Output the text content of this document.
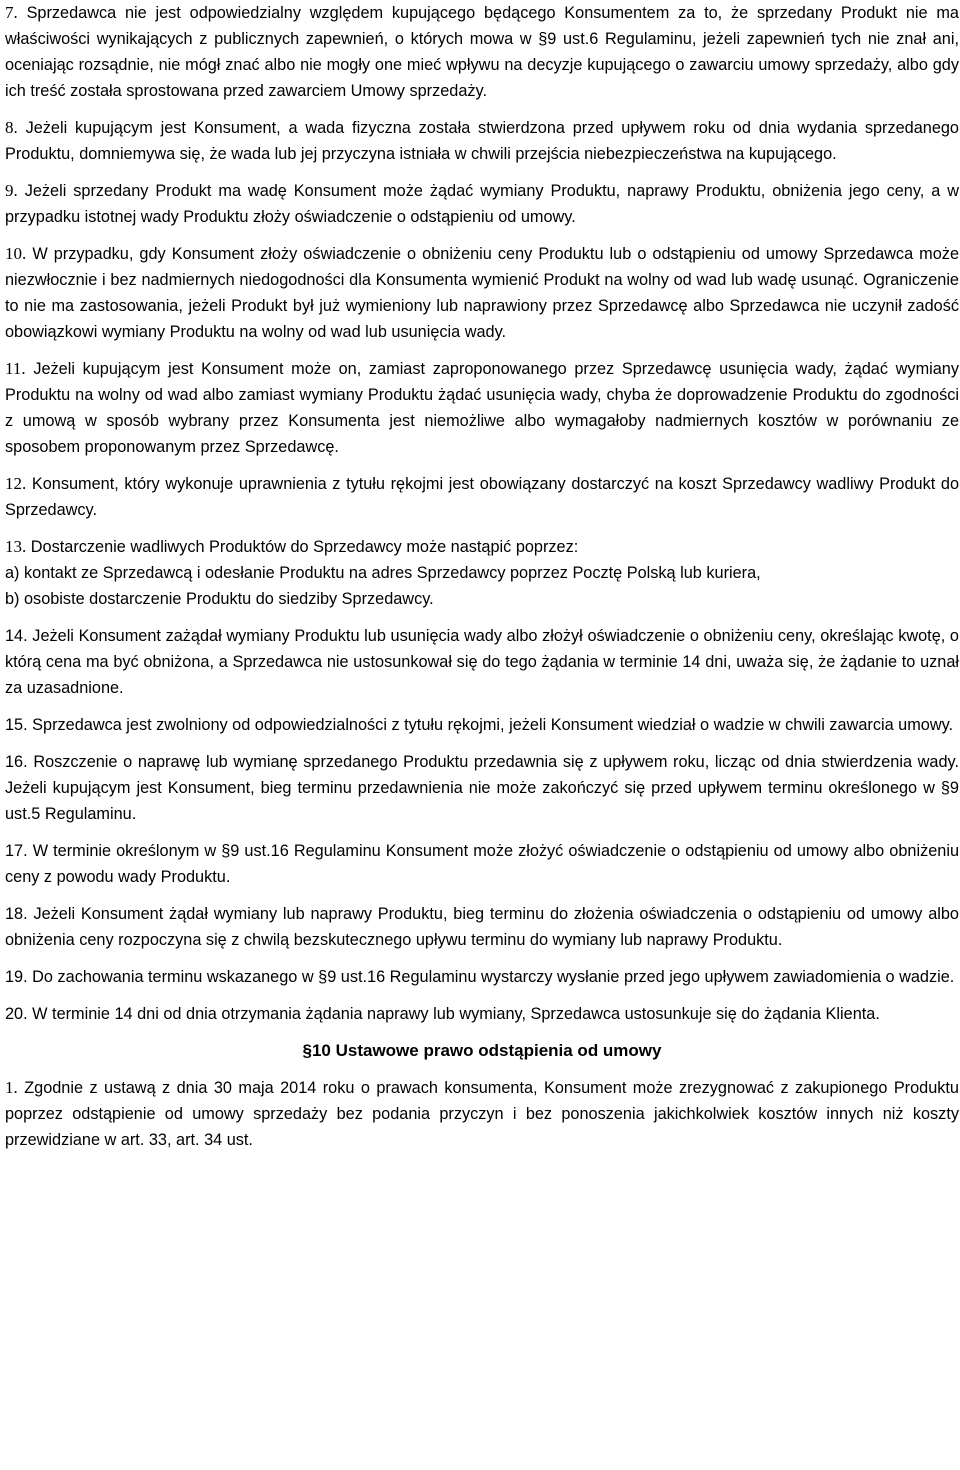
7. Sprzedawca nie jest odpowiedzialny względem kupującego będącego Konsumentem za to, że sprzedany Produkt nie ma właściwości wynikających z publicznych zapewnień, o których mowa w §9 ust.6 Regulaminu, jeżeli zapewnień tych nie znał ani, oceniając rozsądnie, nie mógł znać albo nie mogły one mieć wpływu na decyzje kupującego o zawarciu umowy sprzedaży, albo gdy ich treść została sprostowana przed zawarciem Umowy sprzedaży.
8. Jeżeli kupującym jest Konsument, a wada fizyczna została stwierdzona przed upływem roku od dnia wydania sprzedanego Produktu, domniemywa się, że wada lub jej przyczyna istniała w chwili przejścia niebezpieczeństwa na kupującego.
9. Jeżeli sprzedany Produkt ma wadę Konsument może żądać wymiany Produktu, naprawy Produktu, obniżenia jego ceny, a w przypadku istotnej wady Produktu złoży oświadczenie o odstąpieniu od umowy.
10. W przypadku, gdy Konsument złoży oświadczenie o obniżeniu ceny Produktu lub o odstąpieniu od umowy Sprzedawca może niezwłocznie i bez nadmiernych niedogodności dla Konsumenta wymienić Produkt na wolny od wad lub wadę usunąć. Ograniczenie to nie ma zastosowania, jeżeli Produkt był już wymieniony lub naprawiony przez Sprzedawcę albo Sprzedawca nie uczynił zadość obowiązkowi wymiany Produktu na wolny od wad lub usunięcia wady.
11. Jeżeli kupującym jest Konsument może on, zamiast zaproponowanego przez Sprzedawcę usunięcia wady, żądać wymiany Produktu na wolny od wad albo zamiast wymiany Produktu żądać usunięcia wady, chyba że doprowadzenie Produktu do zgodności z umową w sposób wybrany przez Konsumenta jest niemożliwe albo wymagałoby nadmiernych kosztów w porównaniu ze sposobem proponowanym przez Sprzedawcę.
12. Konsument, który wykonuje uprawnienia z tytułu rękojmi jest obowiązany dostarczyć na koszt Sprzedawcy wadliwy Produkt do Sprzedawcy.
13. Dostarczenie wadliwych Produktów do Sprzedawcy może nastąpić poprzez:
a) kontakt ze Sprzedawcą i odesłanie Produktu na adres Sprzedawcy poprzez Pocztę Polską lub kuriera,
b) osobiste dostarczenie Produktu do siedziby Sprzedawcy.
14. Jeżeli Konsument zażądał wymiany Produktu lub usunięcia wady albo złożył oświadczenie o obniżeniu ceny, określając kwotę, o którą cena ma być obniżona, a Sprzedawca nie ustosunkował się do tego żądania w terminie 14 dni, uważa się, że żądanie to uznał za uzasadnione.
15. Sprzedawca jest zwolniony od odpowiedzialności z tytułu rękojmi, jeżeli Konsument wiedział o wadzie w chwili zawarcia umowy.
16. Roszczenie o naprawę lub wymianę sprzedanego Produktu przedawnia się z upływem roku, licząc od dnia stwierdzenia wady. Jeżeli kupującym jest Konsument, bieg terminu przedawnienia nie może zakończyć się przed upływem terminu określonego w §9 ust.5 Regulaminu.
17. W terminie określonym w §9 ust.16 Regulaminu Konsument może złożyć oświadczenie o odstąpieniu od umowy albo obniżeniu ceny z powodu wady Produktu.
18. Jeżeli Konsument żądał wymiany lub naprawy Produktu, bieg terminu do złożenia oświadczenia o odstąpieniu od umowy albo obniżenia ceny rozpoczyna się z chwilą bezskutecznego upływu terminu do wymiany lub naprawy Produktu.
19. Do zachowania terminu wskazanego w §9 ust.16 Regulaminu wystarczy wysłanie przed jego upływem zawiadomienia o wadzie.
20. W terminie 14 dni od dnia otrzymania żądania naprawy lub wymiany, Sprzedawca ustosunkuje się do żądania Klienta.
§10 Ustawowe prawo odstąpienia od umowy
1. Zgodnie z ustawą z dnia 30 maja 2014 roku o prawach konsumenta, Konsument może zrezygnować z zakupionego Produktu poprzez odstąpienie od umowy sprzedaży bez podania przyczyn i bez ponoszenia jakichkolwiek kosztów innych niż koszty przewidziane w art. 33, art. 34 ust.
